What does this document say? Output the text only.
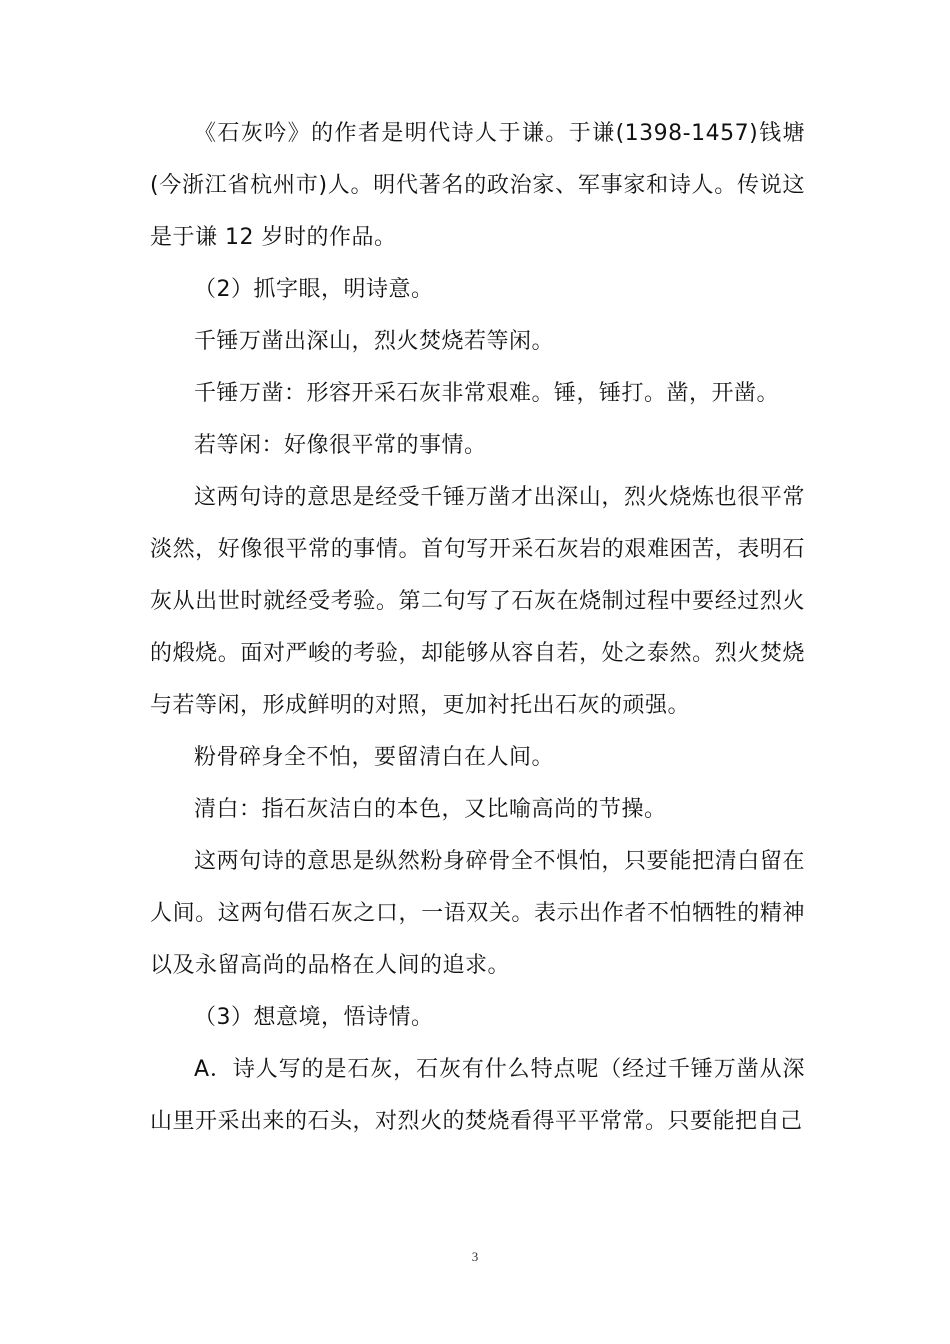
《石灰吟》的作者是明代诗人于谦。于谦(1398-1457)钱塘(今浙江省杭州市)人。明代著名的政治家、军事家和诗人。传说这是于谦 12 岁时的作品。

（2）抓字眼，明诗意。

千锤万凿出深山，烈火焚烧若等闲。

千锤万凿：形容开采石灰非常艰难。锤，锤打。凿，开凿。

若等闲：好像很平常的事情。

这两句诗的意思是经受千锤万凿才出深山，烈火烧炼也很平常淡然，好像很平常的事情。首句写开采石灰岩的艰难困苦，表明石灰从出世时就经受考验。第二句写了石灰在烧制过程中要经过烈火的煅烧。面对严峻的考验，却能够从容自若，处之泰然。烈火焚烧与若等闲，形成鲜明的对照，更加衬托出石灰的顽强。

粉骨碎身全不怕，要留清白在人间。

清白：指石灰洁白的本色，又比喻高尚的节操。

这两句诗的意思是纵然粉身碎骨全不惧怕，只要能把清白留在人间。这两句借石灰之口，一语双关。表示出作者不怕牺牲的精神以及永留高尚的品格在人间的追求。

（3）想意境，悟诗情。

A．诗人写的是石灰，石灰有什么特点呢（经过千锤万凿从深山里开采出来的石头，对烈火的焚烧看得平平常常。只要能把自己

3
